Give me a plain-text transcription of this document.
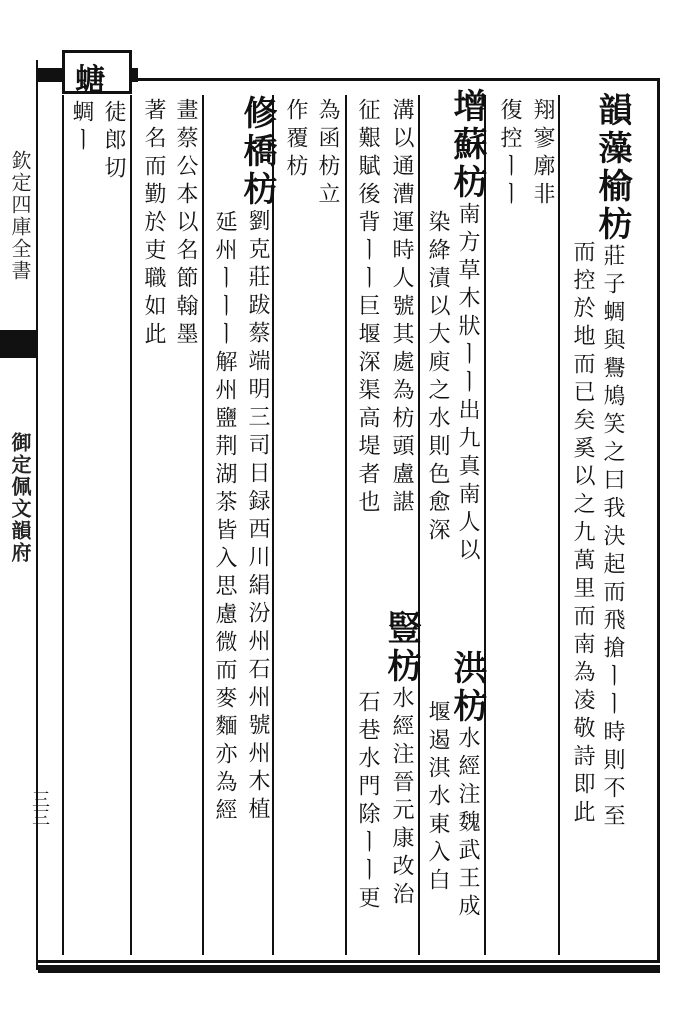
欽定四庫全書
御定佩文韻府
三三
螗
韻藻榆枋莊子蜩與鸒鳩笑之曰我決起而飛搶ㅣㅣ時則不至
而控於地而已矣奚以之九萬里而南為凌敬詩即此
翔寥廓非
復控ㅣㅣ
增蘇枋南方草木狀ㅣㅣ出九真南人以
染絳漬以大庾之水則色愈深
洪枋水經注魏武王成
堰遏淇水東入白
溝以通漕運時人號其處為枋頭盧諶
征艱賦後背ㅣㅣ巨堰深渠高堤者也
豎枋水經注晉元康改治
石巷水門除ㅣㅣ更
為函枋立
作覆枋
修橋枋劉克莊跋蔡端明三司日録西川絹汾州石州號州木植
延州ㅣㅣㅣ解州鹽荆湖茶皆入思慮微而麥麵亦為經
畫蔡公本以名節翰墨
著名而勤於吏職如此
徒郎切
蜩ㅣ
